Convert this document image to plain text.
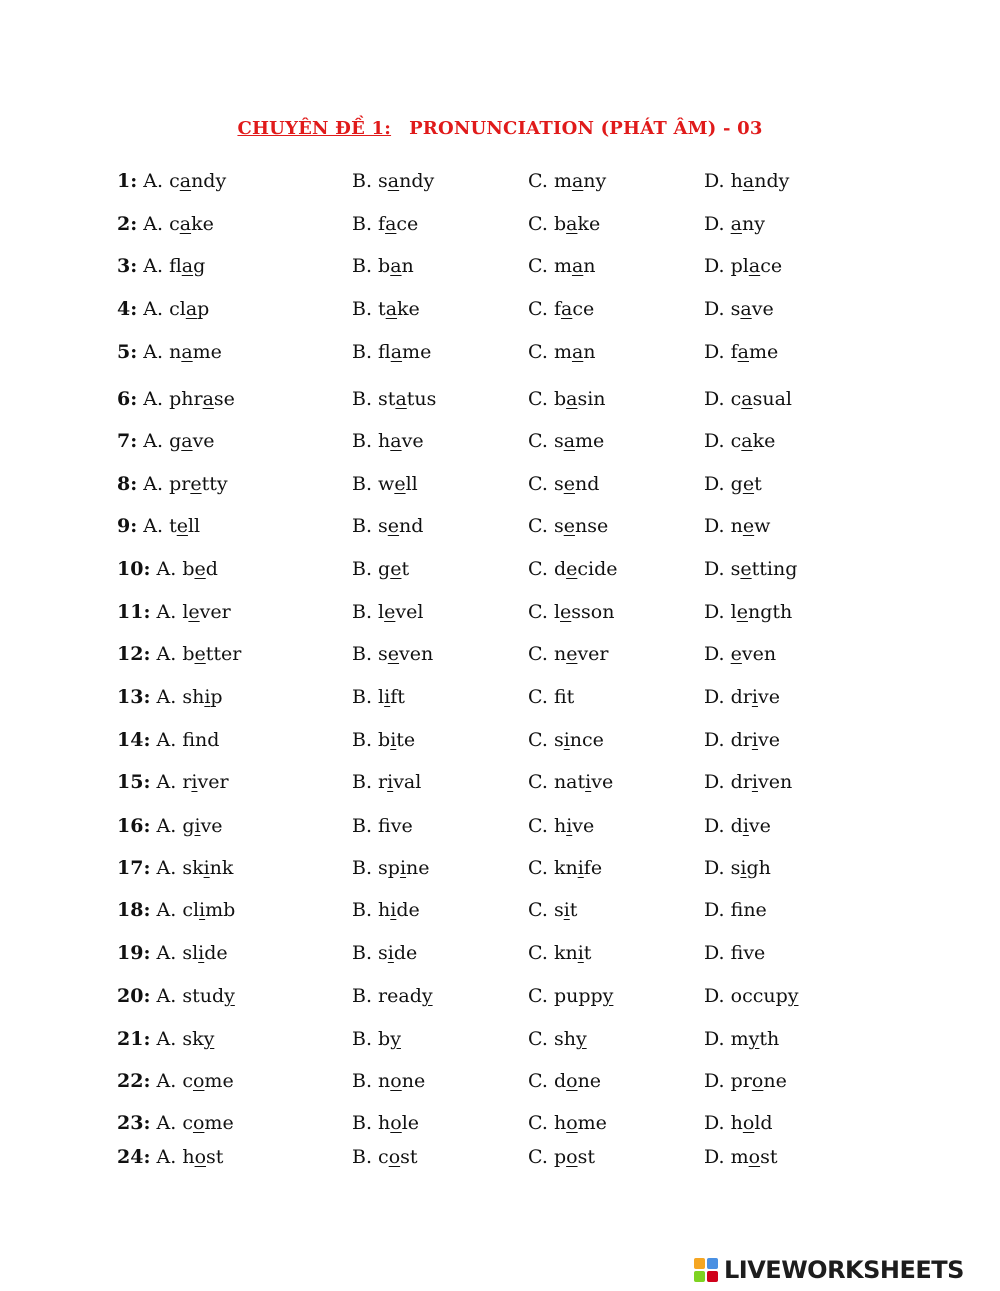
CHUYÊN ĐỀ 1: PRONUNCIATION (PHÁT ÂM) - 03
1: A. candy	B. sandy	C. many	D. handy
2: A. cake	B. face	C. bake	D. any
3: A. flag	B. ban	C. man	D. place
4: A. clap	B. take	C. face	D. save
5: A. name	B. flame	C. man	D. fame
6: A. phrase	B. status	C. basin	D. casual
7: A. gave	B. have	C. same	D. cake
8: A. pretty	B. well	C. send	D. get
9: A. tell	B. send	C. sense	D. new
10: A. bed	B. get	C. decide	D. setting
11: A. lever	B. level	C. lesson	D. length
12: A. better	B. seven	C. never	D. even
13: A. ship	B. lift	C. ft	D. drive
14: A. fnd	B. bite	C. since	D. drive
15: A. river	B. rival	C. native	D. driven
16: A. give	B. fve	C. hive	D. dive
17: A. skink	B. spine	C. knife	D. sigh
18: A. climb	B. hide	C. sit	D. fne
19: A. slide	B. side	C. knit	D. fve
20: A. study	B. ready	C. puppy	D. occupy
21: A. sky	B. by	C. shy	D. myth
22: A. come	B. none	C. done	D. prone
23: A. come	B. hole	C. home	D. hold
24: A. host	B. cost	C. post	D. most
LIVEWORKSHEETS
